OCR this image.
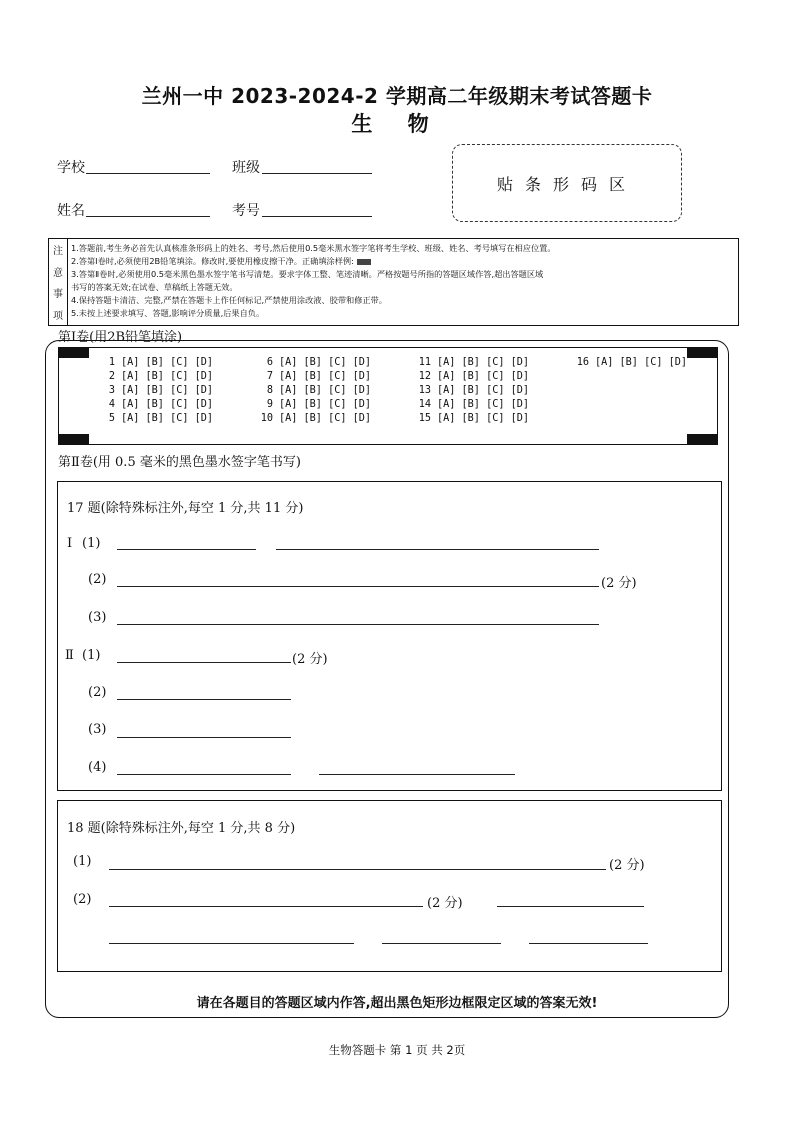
兰州一中 2023-2024-2 学期高二年级期末考试答题卡
生 物
学校	班级
姓名	考号
贴条形码区
注
意
事
项
1.答题前,考生务必首先认真核准条形码上的姓名、考号,然后使用0.5毫米黑水签字笔将考生学校、班级、姓名、考号填写在相应位置。
2.答第Ⅰ卷时,必须使用2B铅笔填涂。修改时,要使用橡皮擦干净。正确填涂样例:
3.答第Ⅱ卷时,必须使用0.5毫米黑色墨水签字笔书写清楚。要求字体工整、笔迹清晰。严格按题号所指的答题区域作答,超出答题区域
书写的答案无效;在试卷、草稿纸上答题无效。
4.保持答题卡清洁、完整,严禁在答题卡上作任何标记,严禁使用涂改液、胶带和修正带。
5.未按上述要求填写、答题,影响评分质量,后果自负。
第Ⅰ卷(用2B铅笔填涂)
1 [A] [B] [C] [D]
2 [A] [B] [C] [D]
3 [A] [B] [C] [D]
4 [A] [B] [C] [D]
5 [A] [B] [C] [D]
6 [A] [B] [C] [D]
7 [A] [B] [C] [D]
8 [A] [B] [C] [D]
9 [A] [B] [C] [D]
10 [A] [B] [C] [D]
11 [A] [B] [C] [D]
12 [A] [B] [C] [D]
13 [A] [B] [C] [D]
14 [A] [B] [C] [D]
15 [A] [B] [C] [D]
16 [A] [B] [C] [D]
第Ⅱ卷(用 0.5 毫米的黑色墨水签字笔书写)
17 题(除特殊标注外,每空 1 分,共 11 分)
Ⅰ (1)
(2)	(2 分)
(3)
Ⅱ (1)	(2 分)
(2)
(3)
(4)
18 题(除特殊标注外,每空 1 分,共 8 分)
(1)	(2 分)
(2)	(2 分)
请在各题目的答题区域内作答,超出黑色矩形边框限定区域的答案无效!
生物答题卡 第 1 页 共 2页
